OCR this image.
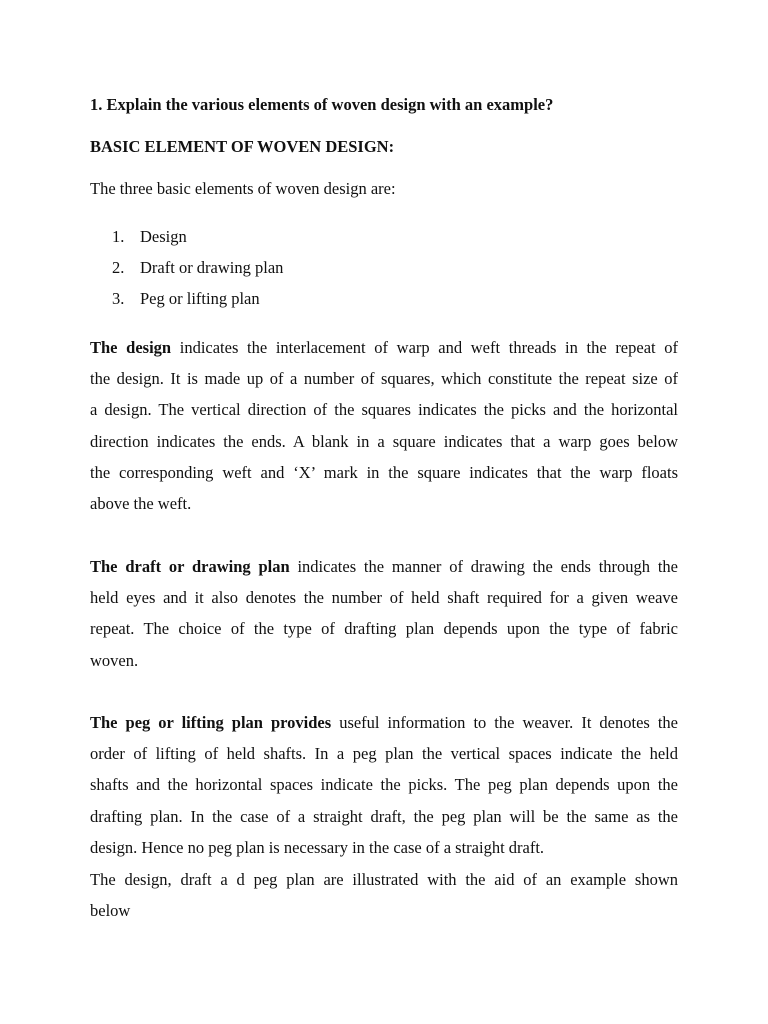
1. Explain the various elements of woven design with an example?
BASIC ELEMENT OF WOVEN DESIGN:
The three basic elements of woven design are:
1. Design
2. Draft or drawing plan
3. Peg or lifting plan
The design indicates the interlacement of warp and weft threads in the repeat of
the design. It is made up of a number of squares, which constitute the repeat size of
a design. The vertical direction of the squares indicates the picks and the horizontal
direction indicates the ends. A blank in a square indicates that a warp goes below
the corresponding weft and ‘X’ mark in the square indicates that the warp floats
above the weft.
The draft or drawing plan indicates the manner of drawing the ends through the
held eyes and it also denotes the number of held shaft required for a given weave
repeat. The choice of the type of drafting plan depends upon the type of fabric
woven.
The peg or lifting plan provides useful information to the weaver. It denotes the
order of lifting of held shafts. In a peg plan the vertical spaces indicate the held
shafts and the horizontal spaces indicate the picks. The peg plan depends upon the
drafting plan. In the case of a straight draft, the peg plan will be the same as the
design. Hence no peg plan is necessary in the case of a straight draft.
The design, draft a d peg plan are illustrated with the aid of an example shown
below
